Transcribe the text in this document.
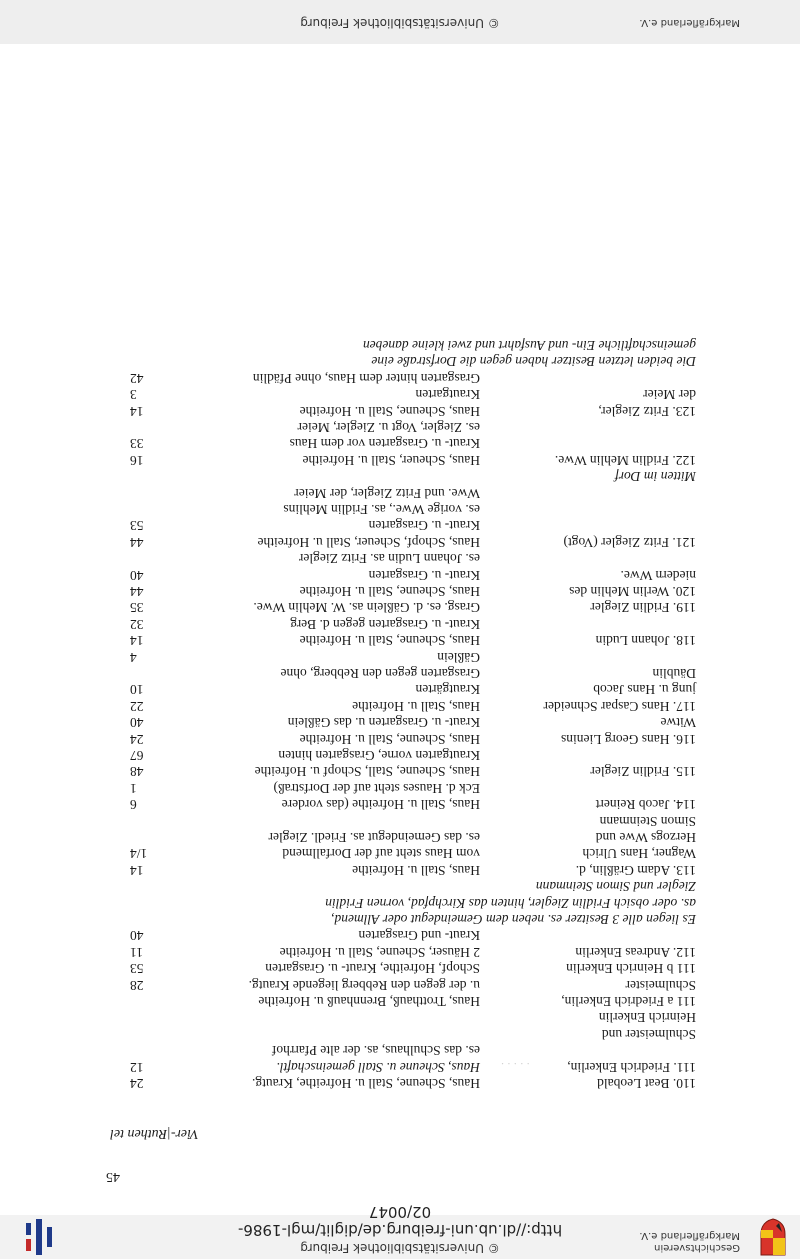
Geschichtsverein
Markgräflerland e.V.
© Universitätsbibliothek Freiburg
http://dl.ub.uni-freiburg.de/diglit/mgl-1986-02/0047
45
Vier-|Ruthen tel
· · · · ·
110. Beat Leobald
Haus, Scheune, Stall u. Hofreithe, Krautg.
24
111. Friedrich Enkerlin,
Haus, Scheune u. Stall gemeinschaftl.
12
es. das Schulhaus, as. der alte Pfarrhof
Schulmeister und
Heinrich Enkerlin
111 a Friedrich Enkerlin,
Haus, Trotthauß, Brennhauß u. Hofreithe
Schulmeister
u. der gegen den Rebberg liegende Krautg.
28
111 b Heinrich Enkerlin
Schopf, Hofreithe, Kraut- u. Grasgarten
53
112. Andreas Enkerlin
2 Häuser, Scheune, Stall u. Hofreithe
11
Kraut- und Grasgarten
40
Es liegen alle 3 Besitzer es. neben dem Gemeindegut oder Allmend,
as. oder obsich Fridlin Ziegler, hinten das Kirchpfad, vornen Fridlin
Ziegler und Simon Steinmann
113. Adam Gräßlin, d.
Haus, Stall u. Hofreithe
14
Wagner, Hans Ulrich
vom Haus steht auf der Dorfallmend
1/4
Herzogs Wwe und
es. das Gemeindegut as. Friedl. Ziegler
Simon Steinmann
114. Jacob Reinert
Haus, Stall u. Hofreithe (das vordere
6
Eck d. Hauses steht auf der Dorfstraß)
1
115. Fridlin Ziegler
Haus, Scheune, Stall, Schopf u. Hofreithe
48
Krautgarten vorne, Grasgarten hinten
67
116. Hans Georg Lienins
Haus, Scheune, Stall u. Hofreithe
24
Witwe
Kraut- u. Grasgarten u. das Gäßlein
40
117. Hans Caspar Schneider
Haus, Stall u. Hofreithe
22
jung u. Hans Jacob
Krautgärten
10
Däublin
Grasgarten gegen den Rebberg, ohne
Gäßlein
4
118. Johann Ludin
Haus, Scheune, Stall u. Hofreithe
14
Kraut- u. Grasgarten gegen d. Berg
32
119. Fridlin Ziegler
Grasg. es. d. Gäßlein as. W. Mehlin Wwe.
35
120. Werlin Mehlin des
Haus, Scheune, Stall u. Hofreithe
44
niedern Wwe.
Kraut- u. Grasgarten
40
es. Johann Ludin as. Fritz Ziegler
121. Fritz Ziegler (Vogt)
Haus, Schopf, Scheuer, Stall u. Hofreithe
44
Kraut- u. Grasgarten
53
es. vorige Wwe., as. Fridlin Mehlins
Wwe. und Fritz Ziegler, der Meier
Mitten im Dorf
122. Fridlin Mehlin Wwe.
Haus, Scheuer, Stall u. Hofreithe
16
Kraut- u. Grasgarten vor dem Haus
33
es. Ziegler, Vogt u. Ziegler, Meier
123. Fritz Ziegler,
Haus, Scheune, Stall u. Hofreithe
14
der Meier
Krautgarten
3
Grasgarten hinter dem Haus, ohne Pfädlin
42
Die beiden letzten Besitzer haben gegen die Dorfstraße eine
gemeinschaftliche Ein- und Ausfahrt und zwei kleine daneben
© Universitätsbibliothek Freiburg	Markgräflerland e.V.
